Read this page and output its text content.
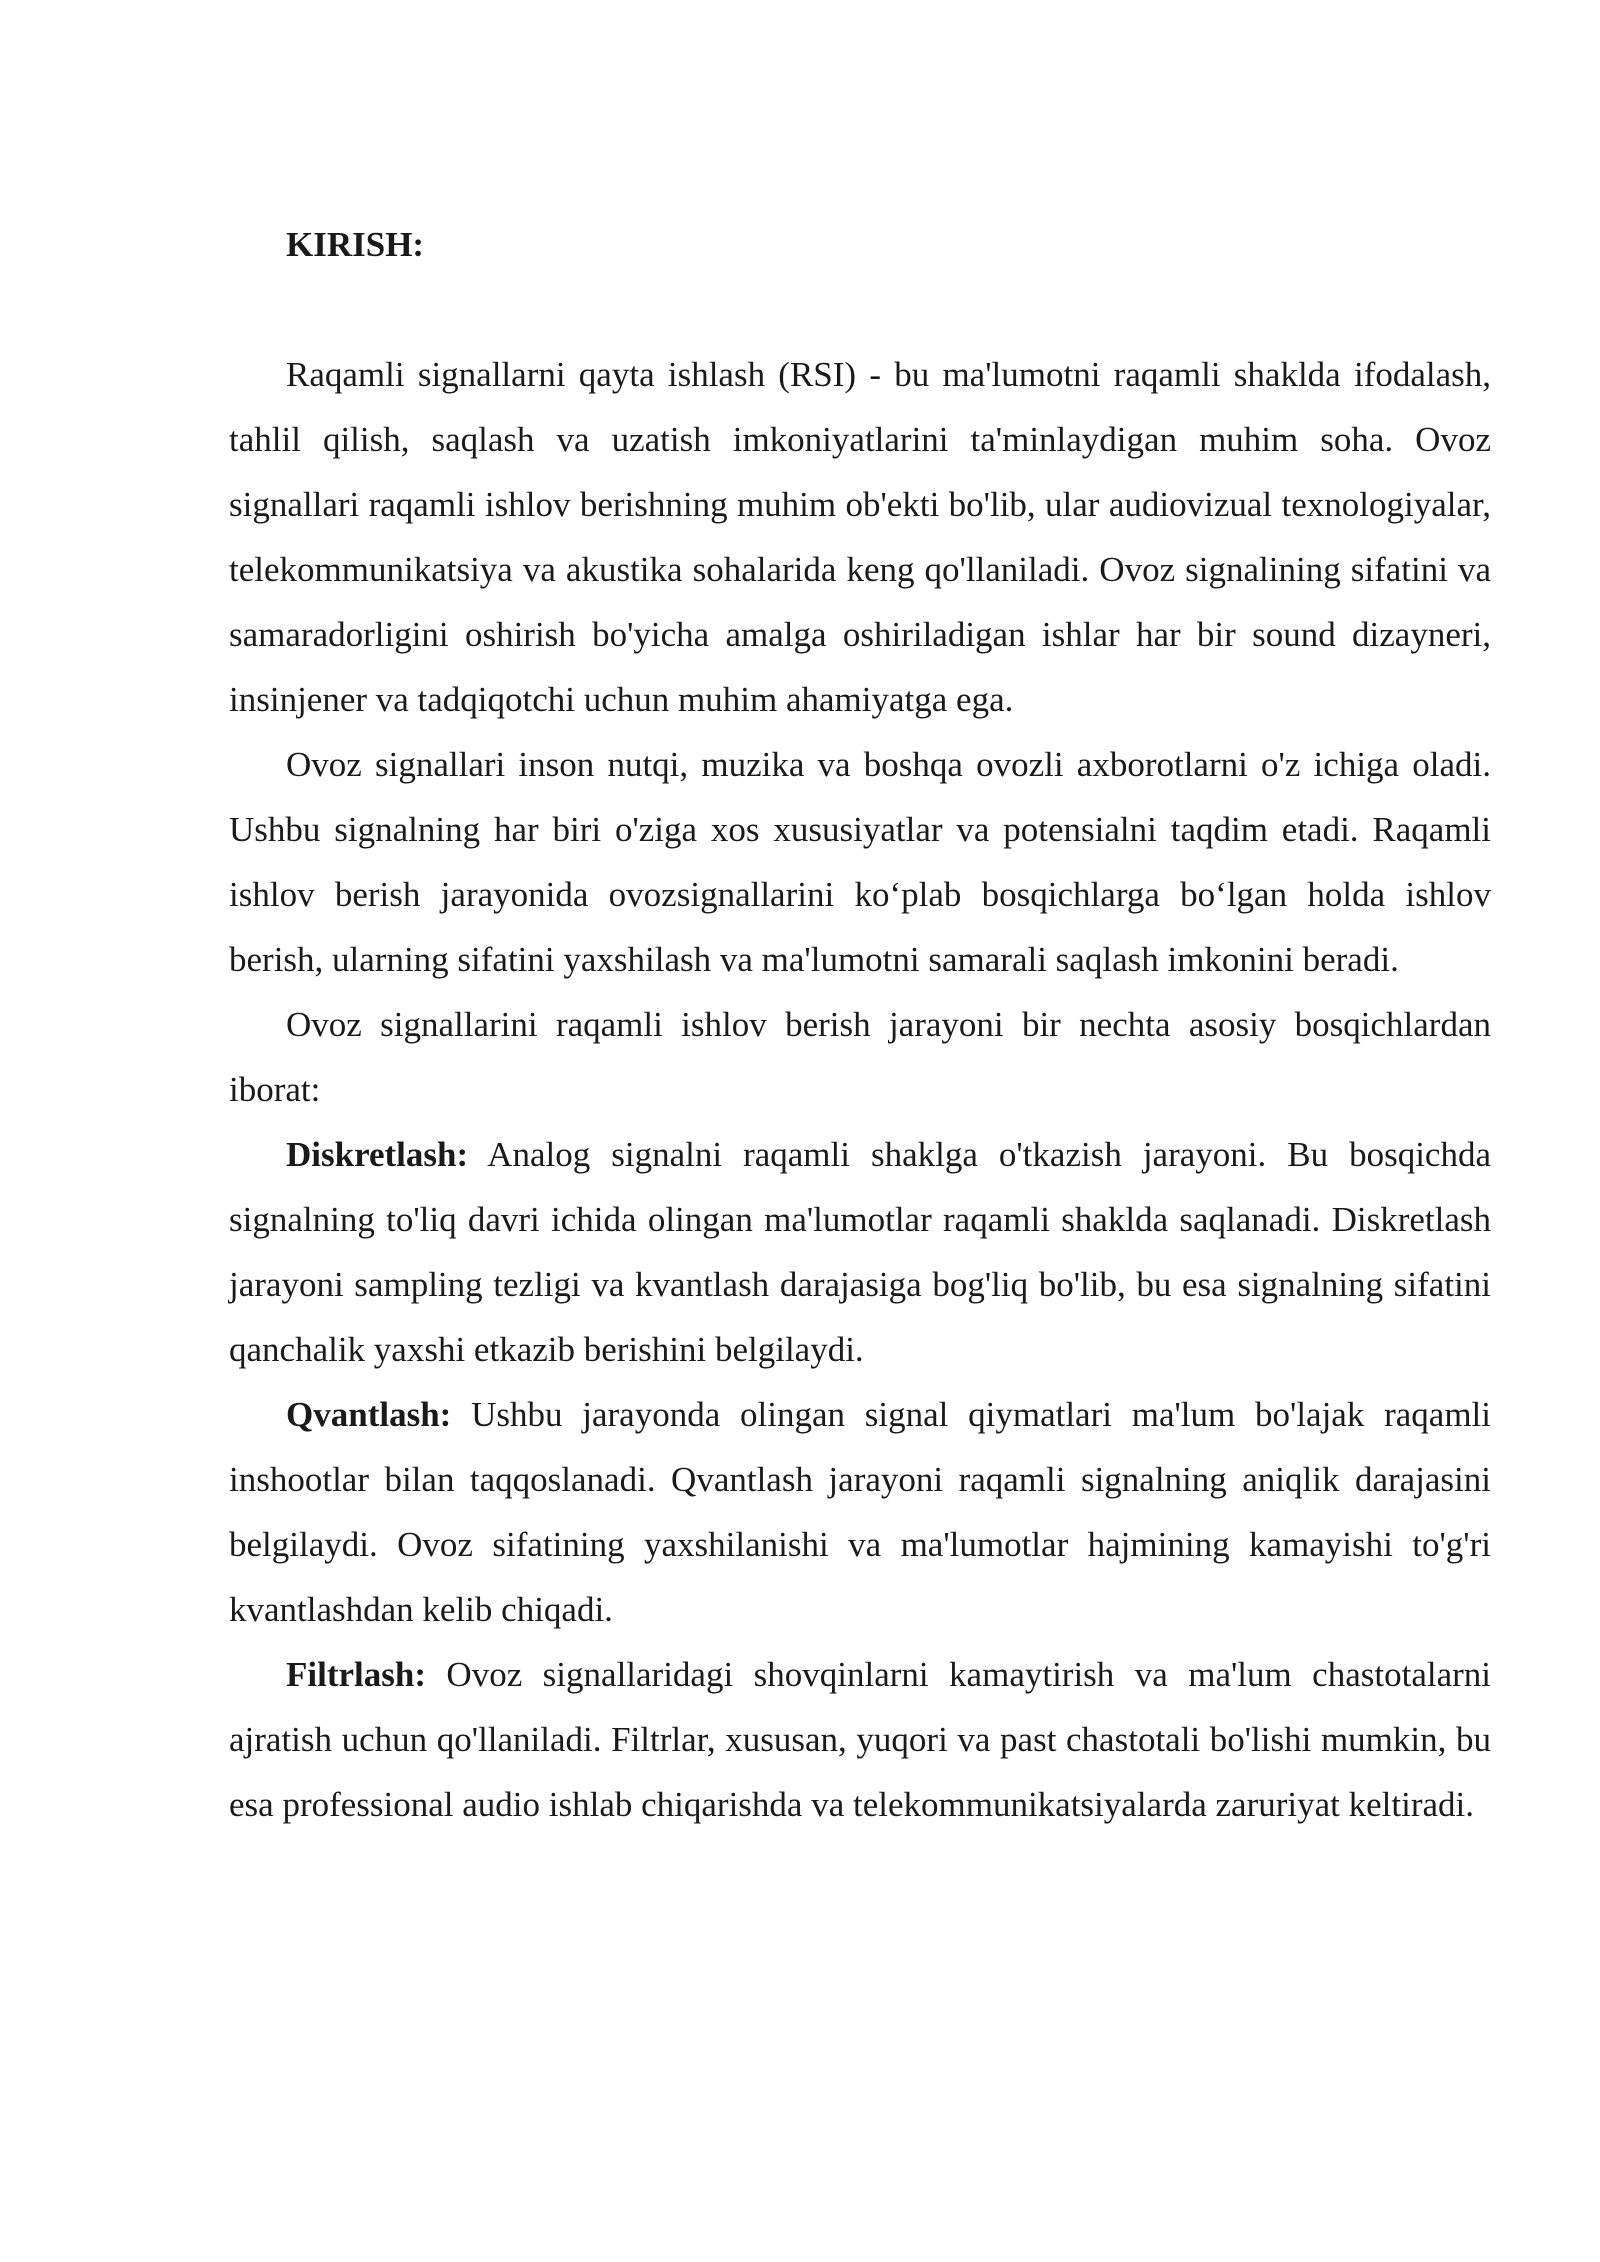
KIRISH:

Raqamli signallarni qayta ishlash (RSI) - bu ma'lumotni raqamli shaklda ifodalash, tahlil qilish, saqlash va uzatish imkoniyatlarini ta'minlaydigan muhim soha. Ovoz signallari raqamli ishlov berishning muhim ob'ekti bo'lib, ular audiovizual texnologiyalar, telekommunikatsiya va akustika sohalarida keng qo'llaniladi. Ovoz signalining sifatini va samaradorligini oshirish bo'yicha amalga oshiriladigan ishlar har bir sound dizayneri, insinjener va tadqiqotchi uchun muhim ahamiyatga ega.

Ovoz signallari inson nutqi, muzika va boshqa ovozli axborotlarni o'z ichiga oladi. Ushbu signalning har biri o'ziga xos xususiyatlar va potensialni taqdim etadi. Raqamli ishlov berish jarayonida ovozsignallarini ko‘plab bosqichlarga bo‘lgan holda ishlov berish, ularning sifatini yaxshilash va ma'lumotni samarali saqlash imkonini beradi.

Ovoz signallarini raqamli ishlov berish jarayoni bir nechta asosiy bosqichlardan iborat:

Diskretlash: Analog signalni raqamli shaklga o'tkazish jarayoni. Bu bosqichda signalning to'liq davri ichida olingan ma'lumotlar raqamli shaklda saqlanadi. Diskretlash jarayoni sampling tezligi va kvantlash darajasiga bog'liq bo'lib, bu esa signalning sifatini qanchalik yaxshi etkazib berishini belgilaydi.

Qvantlash: Ushbu jarayonda olingan signal qiymatlari ma'lum bo'lajak raqamli inshootlar bilan taqqoslanadi. Qvantlash jarayoni raqamli signalning aniqlik darajasini belgilaydi. Ovoz sifatining yaxshilanishi va ma'lumotlar hajmining kamayishi to'g'ri kvantlashdan kelib chiqadi.

Filtrlash: Ovoz signallaridagi shovqinlarni kamaytirish va ma'lum chastotalarni ajratish uchun qo'llaniladi. Filtrlar, xususan, yuqori va past chastotali bo'lishi mumkin, bu esa professional audio ishlab chiqarishda va telekommunikatsiyalarda zaruriyat keltiradi.
